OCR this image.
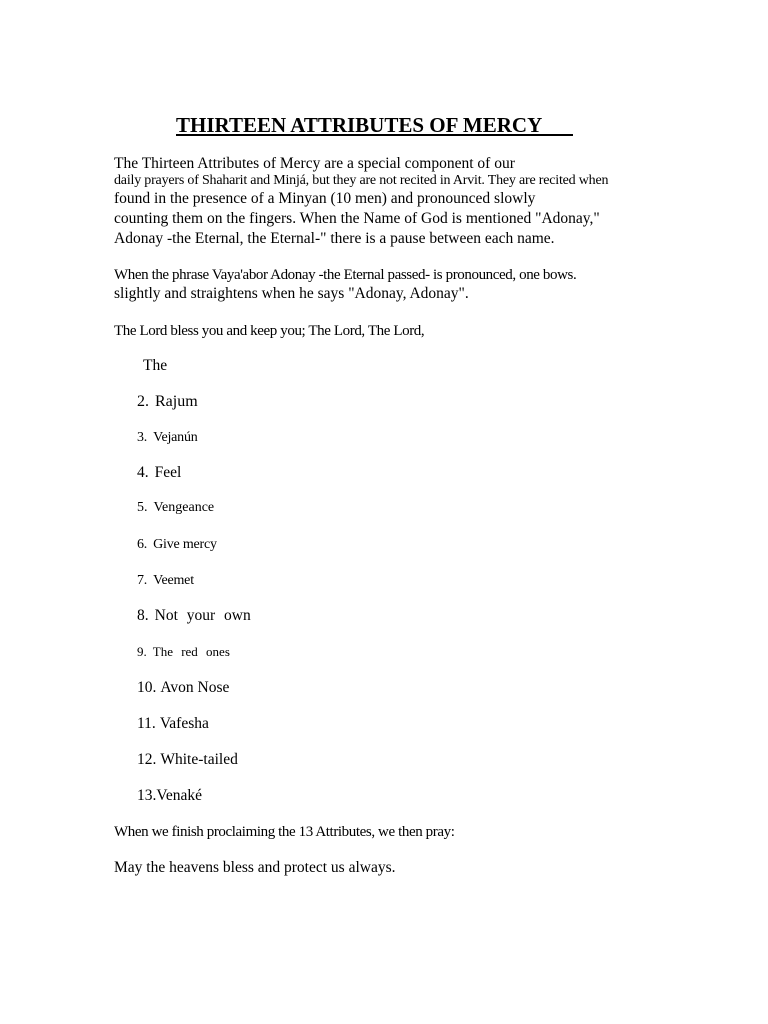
THIRTEEN ATTRIBUTES OF MERCY
The Thirteen Attributes of Mercy are a special component of our
daily prayers of Shaharit and Minjá, but they are not recited in Arvit. They are recited when
found in the presence of a Minyan (10 men) and pronounced slowly
counting them on the fingers. When the Name of God is mentioned "Adonay,"
Adonay -the Eternal, the Eternal-" there is a pause between each name.
When the phrase Vaya'abor Adonay -the Eternal passed- is pronounced, one bows.
slightly and straightens when he says "Adonay, Adonay".
The Lord bless you and keep you; The Lord, The Lord,
The
2. Rajum
3. Vejanún
4. Feel
5. Vengeance
6. Give mercy
7. Veemet
8. Not your own
9. The red ones
10. Avon Nose
11. Vafesha
12. White-tailed
13.Venaké
When we finish proclaiming the 13 Attributes, we then pray:
May the heavens bless and protect us always.
